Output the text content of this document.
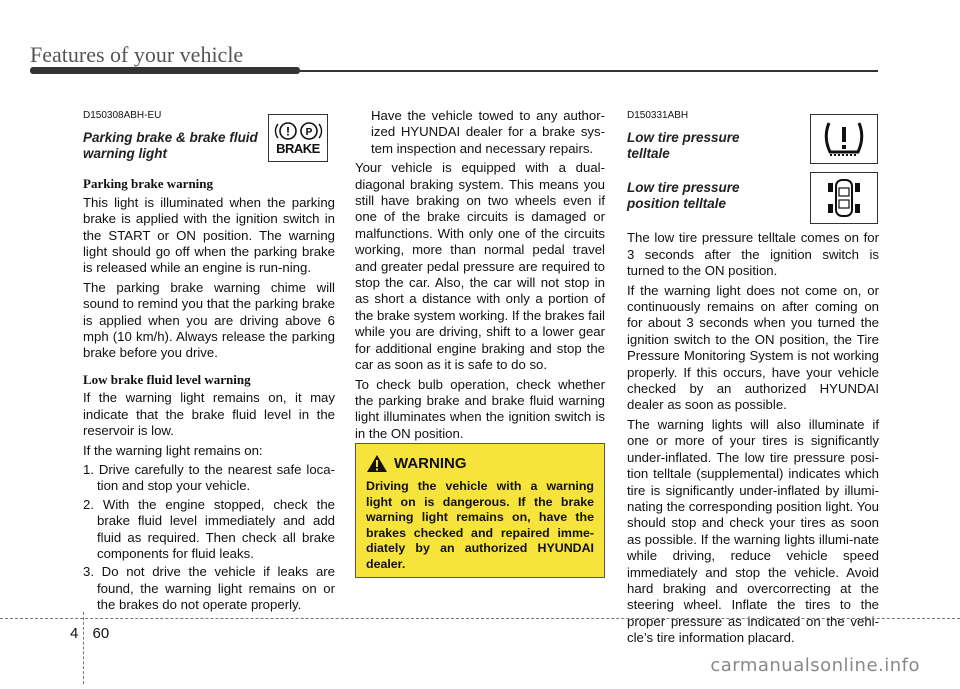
Features of your vehicle
D150308ABH-EU
Parking brake & brake fluid warning light
Parking brake warning

This light is illuminated when the parking brake is applied with the ignition switch in the START or ON position. The warning light should go off when the parking brake is released while an engine is run-ning.

The parking brake warning chime will sound to remind you that the parking brake is applied when you are driving above 6 mph (10 km/h). Always release the parking brake before you drive.

Low brake fluid level warning

If the warning light remains on, it may indicate that the brake fluid level in the reservoir is low.

If the warning light remains on:

1. Drive carefully to the nearest safe loca-tion and stop your vehicle.
2. With the engine stopped, check the brake fluid level immediately and add fluid as required. Then check all brake components for fluid leaks.
3. Do not drive the vehicle if leaks are found, the warning light remains on or the brakes do not operate properly.
! P
BRAKE

Have the vehicle towed to any author-ized HYUNDAI dealer for a brake sys-tem inspection and necessary repairs.

Your vehicle is equipped with a dual-diagonal braking system. This means you still have braking on two wheels even if one of the brake circuits is damaged or malfunctions. With only one of the circuits working, more than normal pedal travel and greater pedal pressure are required to stop the car. Also, the car will not stop in as short a distance with only a portion of the brake system working. If the brakes fail while you are driving, shift to a lower gear for additional engine braking and stop the car as soon as it is safe to do so.

To check bulb operation, check whether the parking brake and brake fluid warning light illuminates when the ignition switch is in the ON position.

WARNING
Driving the vehicle with a warning light on is dangerous. If the brake warning light remains on, have the brakes checked and repaired imme-diately by an authorized HYUNDAI dealer.
D150331ABH
Low tire pressure telltale
Low tire pressure position telltale

The low tire pressure telltale comes on for 3 seconds after the ignition switch is turned to the ON position.

If the warning light does not come on, or continuously remains on after coming on for about 3 seconds when you turned the ignition switch to the ON position, the Tire Pressure Monitoring System is not working properly. If this occurs, have your vehicle checked by an authorized HYUNDAI dealer as soon as possible.

The warning lights will also illuminate if one or more of your tires is significantly under-inflated. The low tire pressure posi-tion telltale (supplemental) indicates which tire is significantly under-inflated by illumi-nating the corresponding position light. You should stop and check your tires as soon as possible. If the warning lights illumi-nate while driving, reduce vehicle speed immediately and stop the vehicle. Avoid hard braking and overcorrecting at the steering wheel. Inflate the tires to the proper pressure as indicated on the vehi-cle’s tire information placard.

4 60
carmanualsonline.info
